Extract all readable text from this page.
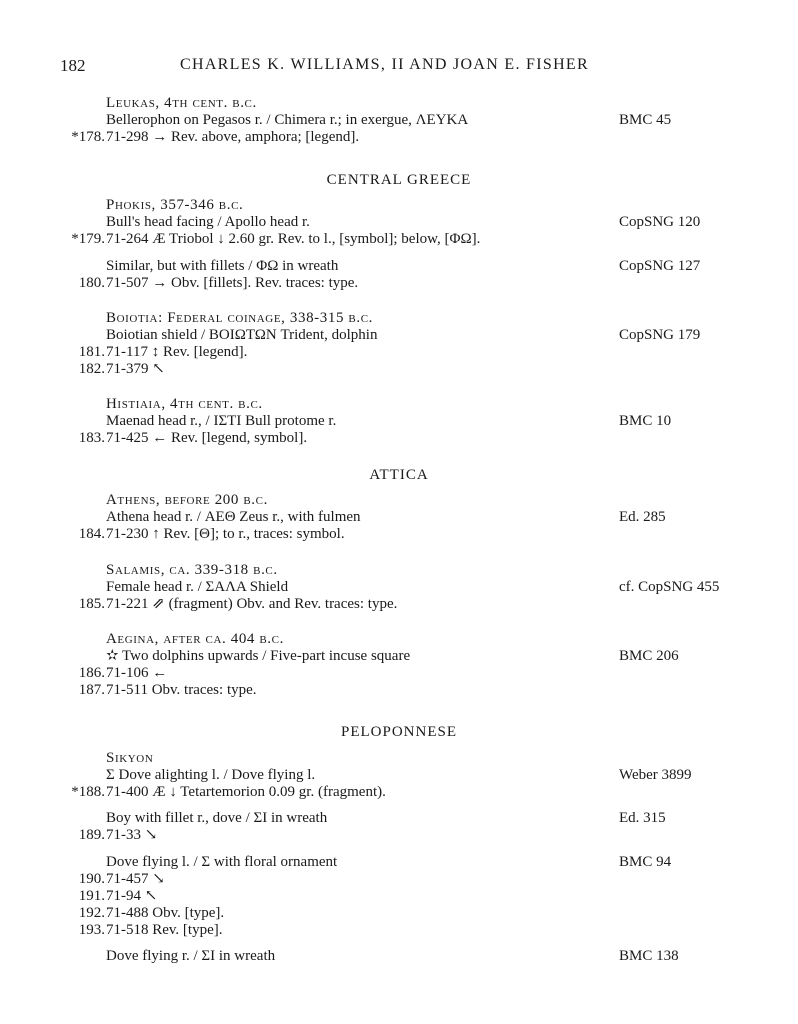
182	CHARLES K. WILLIAMS, II AND JOAN E. FISHER
CENTRAL GREECE
ATTICA
PELOPONNESE
Leukas, 4th cent. b.c.
Bellerophon on Pegasos r. / Chimera r.; in exergue, ΛΕΥΚΑ	BMC 45
*178. 71-298 → Rev. above, amphora; [legend].
Phokis, 357-346 b.c.
Bull's head facing / Apollo head r.	CopSNG 120
*179. 71-264 Æ Triobol ↓ 2.60 gr. Rev. to l., [symbol]; below, [ΦΩ].
Similar, but with fillets / ΦΩ in wreath	CopSNG 127
180. 71-507 → Obv. [fillets]. Rev. traces: type.
Boiotia: Federal coinage, 338-315 b.c.
Boiotian shield / ΒΟΙΩΤΩΝ Trident, dolphin	CopSNG 179
181. 71-117 ↕ Rev. [legend].
182. 71-379 ↖
Histiaia, 4th cent. b.c.
Maenad head r., / ΙΣΤΙ Bull protome r.	BMC 10
183. 71-425 ← Rev. [legend, symbol].
Athens, before 200 b.c.
Athena head r. / ΑΕΘ Zeus r., with fulmen	Ed. 285
184. 71-230 ↑ Rev. [Θ]; to r., traces: symbol.
Salamis, ca. 339-318 b.c.
Female head r. / ΣΑΛΑ Shield	cf. CopSNG 455
185. 71-221 ⇗ (fragment) Obv. and Rev. traces: type.
Aegina, after ca. 404 b.c.
✫ Two dolphins upwards / Five-part incuse square	BMC 206
186. 71-106 ←
187. 71-511 Obv. traces: type.
Sikyon
Σ Dove alighting l. / Dove flying l.	Weber 3899
*188. 71-400 Æ ↓ Tetartemorion 0.09 gr. (fragment).
Boy with fillet r., dove / ΣΙ in wreath	Ed. 315
189. 71-33 ↘
Dove flying l. / Σ with floral ornament	BMC 94
190. 71-457 ↘
191. 71-94 ↖
192. 71-488 Obv. [type].
193. 71-518 Rev. [type].
Dove flying r. / ΣΙ in wreath	BMC 138
